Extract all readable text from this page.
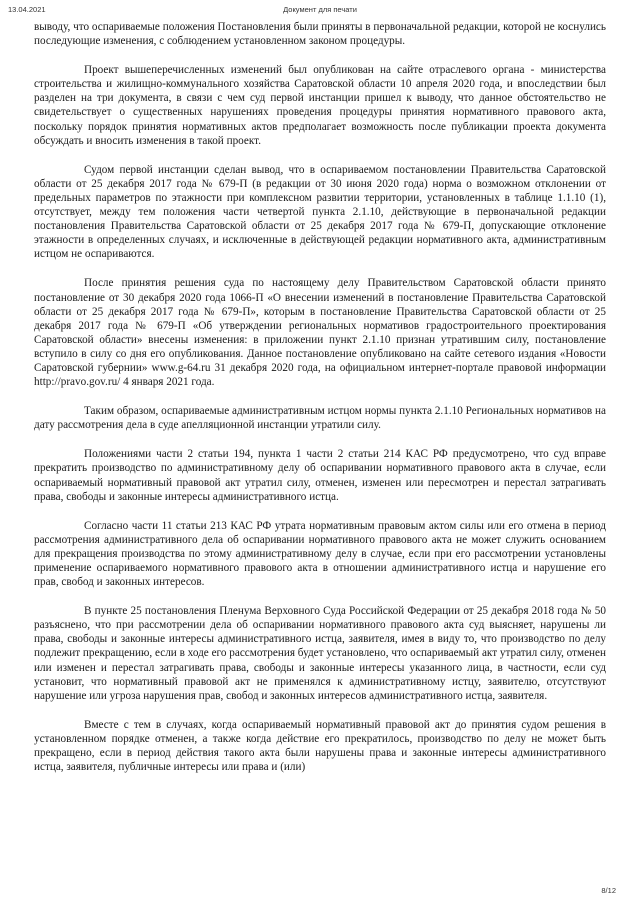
13.04.2021	Документ для печати

выводу, что оспариваемые положения Постановления были приняты в первоначальной редакции, которой не коснулись последующие изменения, с соблюдением установленном законом процедуры.

Проект вышеперечисленных изменений был опубликован на сайте отраслевого органа - министерства строительства и жилищно-коммунального хозяйства Саратовской области 10 апреля 2020 года, и впоследствии был разделен на три документа, в связи с чем суд первой инстанции пришел к выводу, что данное обстоятельство не свидетельствует о существенных нарушениях проведения процедуры принятия нормативного правового акта, поскольку порядок принятия нормативных актов предполагает возможность после публикации проекта документа обсуждать и вносить изменения в такой проект.

Судом первой инстанции сделан вывод, что в оспариваемом постановлении Правительства Саратовской области от 25 декабря 2017 года № 679-П (в редакции от 30 июня 2020 года) норма о возможном отклонении от предельных параметров по этажности при комплексном развитии территории, установленных в таблице 1.1.10 (1), отсутствует, между тем положения части четвертой пункта 2.1.10, действующие в первоначальной редакции постановления Правительства Саратовской области от 25 декабря 2017 года № 679-П, допускающие отклонение этажности в определенных случаях, и исключенные в действующей редакции нормативного акта, административным истцом не оспариваются.

После принятия решения суда по настоящему делу Правительством Саратовской области принято постановление от 30 декабря 2020 года 1066-П «О внесении изменений в постановление Правительства Саратовской области от 25 декабря 2017 года № 679-П», которым в постановление Правительства Саратовской области от 25 декабря 2017 года № 679-П «Об утверждении региональных нормативов градостроительного проектирования Саратовской области» внесены изменения: в приложении пункт 2.1.10 признан утратившим силу, постановление вступило в силу со дня его опубликования. Данное постановление опубликовано на сайте сетевого издания «Новости Саратовской губернии» www.g-64.ru 31 декабря 2020 года, на официальном интернет-портале правовой информации http://pravo.gov.ru/ 4 января 2021 года.

Таким образом, оспариваемые административным истцом нормы пункта 2.1.10 Региональных нормативов на дату рассмотрения дела в суде апелляционной инстанции утратили силу.

Положениями части 2 статьи 194, пункта 1 части 2 статьи 214 КАС РФ предусмотрено, что суд вправе прекратить производство по административному делу об оспаривании нормативного правового акта в случае, если оспариваемый нормативный правовой акт утратил силу, отменен, изменен или пересмотрен и перестал затрагивать права, свободы и законные интересы административного истца.

Согласно части 11 статьи 213 КАС РФ утрата нормативным правовым актом силы или его отмена в период рассмотрения административного дела об оспаривании нормативного правового акта не может служить основанием для прекращения производства по этому административному делу в случае, если при его рассмотрении установлены применение оспариваемого нормативного правового акта в отношении административного истца и нарушение его прав, свобод и законных интересов.

В пункте 25 постановления Пленума Верховного Суда Российской Федерации от 25 декабря 2018 года № 50 разъяснено, что при рассмотрении дела об оспаривании нормативного правового акта суд выясняет, нарушены ли права, свободы и законные интересы административного истца, заявителя, имея в виду то, что производство по делу подлежит прекращению, если в ходе его рассмотрения будет установлено, что оспариваемый акт утратил силу, отменен или изменен и перестал затрагивать права, свободы и законные интересы указанного лица, в частности, если суд установит, что нормативный правовой акт не применялся к административному истцу, заявителю, отсутствуют нарушение или угроза нарушения прав, свобод и законных интересов административного истца, заявителя.

Вместе с тем в случаях, когда оспариваемый нормативный правовой акт до принятия судом решения в установленном порядке отменен, а также когда действие его прекратилось, производство по делу не может быть прекращено, если в период действия такого акта были нарушены права и законные интересы административного истца, заявителя, публичные интересы или права и (или)

8/12
